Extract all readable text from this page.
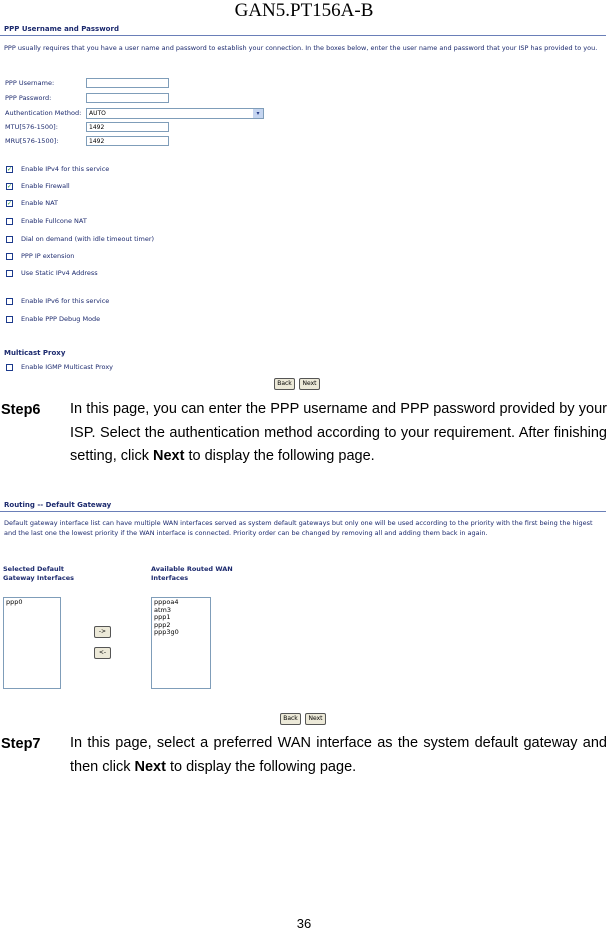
GAN5.PT156A-B
PPP Username and Password
PPP usually requires that you have a user name and password to establish your connection. In the boxes below, enter the user name and password that your ISP has provided to you.
PPP Username:
PPP Password:
Authentication Method:	AUTO	▾
MTU[576-1500]:	1492
MRU[576-1500]:	1492
✓ Enable IPv4 for this service
✓ Enable Firewall
✓ Enable NAT
Enable Fullcone NAT
Dial on demand (with idle timeout timer)
PPP IP extension
Use Static IPv4 Address
Enable IPv6 for this service
Enable PPP Debug Mode
Multicast Proxy
Enable IGMP Multicast Proxy
Back	Next
Step6 In this page, you can enter the PPP username and PPP password provided by your ISP. Select the authentication method according to your requirement. After finishing setting, click Next to display the following page.
Routing -- Default Gateway
Default gateway interface list can have multiple WAN interfaces served as system default gateways but only one will be used according to the priority with the first being the higest and the last one the lowest priority if the WAN interface is connected. Priority order can be changed by removing all and adding them back in again.
Selected Default
Gateway Interfaces
Available Routed WAN
Interfaces
ppp0
->
<-
pppoa4
atm3
ppp1
ppp2
ppp3g0
Back	Next
Step7 In this page, select a preferred WAN interface as the system default gateway and then click Next to display the following page.
36
